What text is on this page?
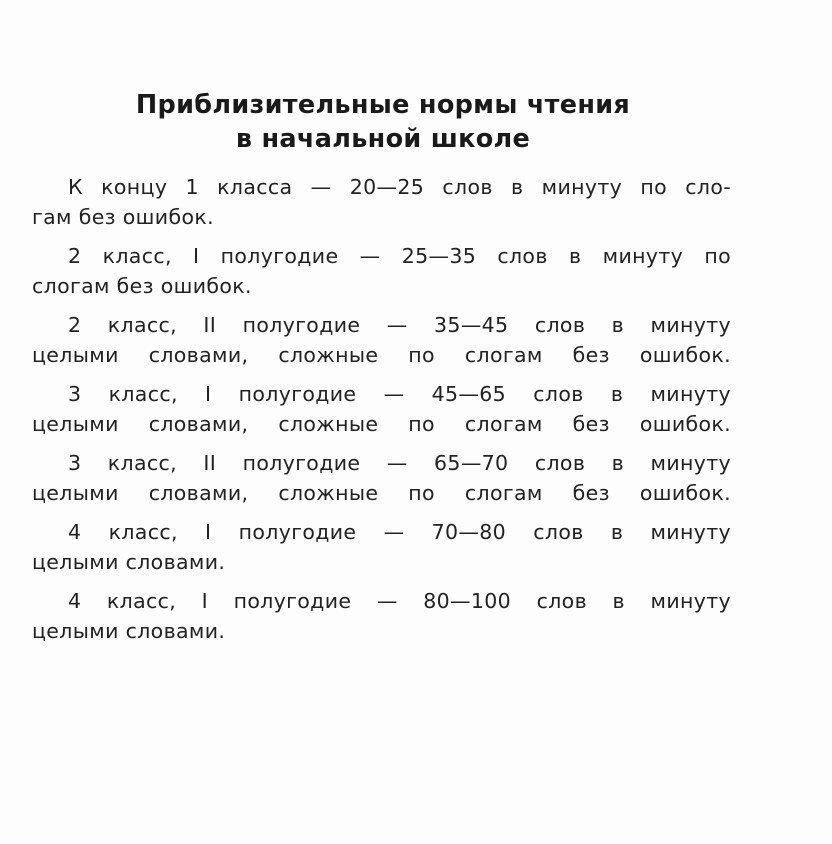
Приблизительные нормы чтения
в начальной школе
К концу 1 класса — 20—25 слов в минуту по сло-
гам без ошибок.
2 класс, I полугодие — 25—35 слов в минуту по
слогам без ошибок.
2 класс, II полугодие — 35—45 слов в минуту
целыми словами, сложные по слогам без ошибок.
3 класс, I полугодие — 45—65 слов в минуту
целыми словами, сложные по слогам без ошибок.
3 класс, II полугодие — 65—70 слов в минуту
целыми словами, сложные по слогам без ошибок.
4 класс, I полугодие — 70—80 слов в минуту
целыми словами.
4 класс, I полугодие — 80—100 слов в минуту
целыми словами.
